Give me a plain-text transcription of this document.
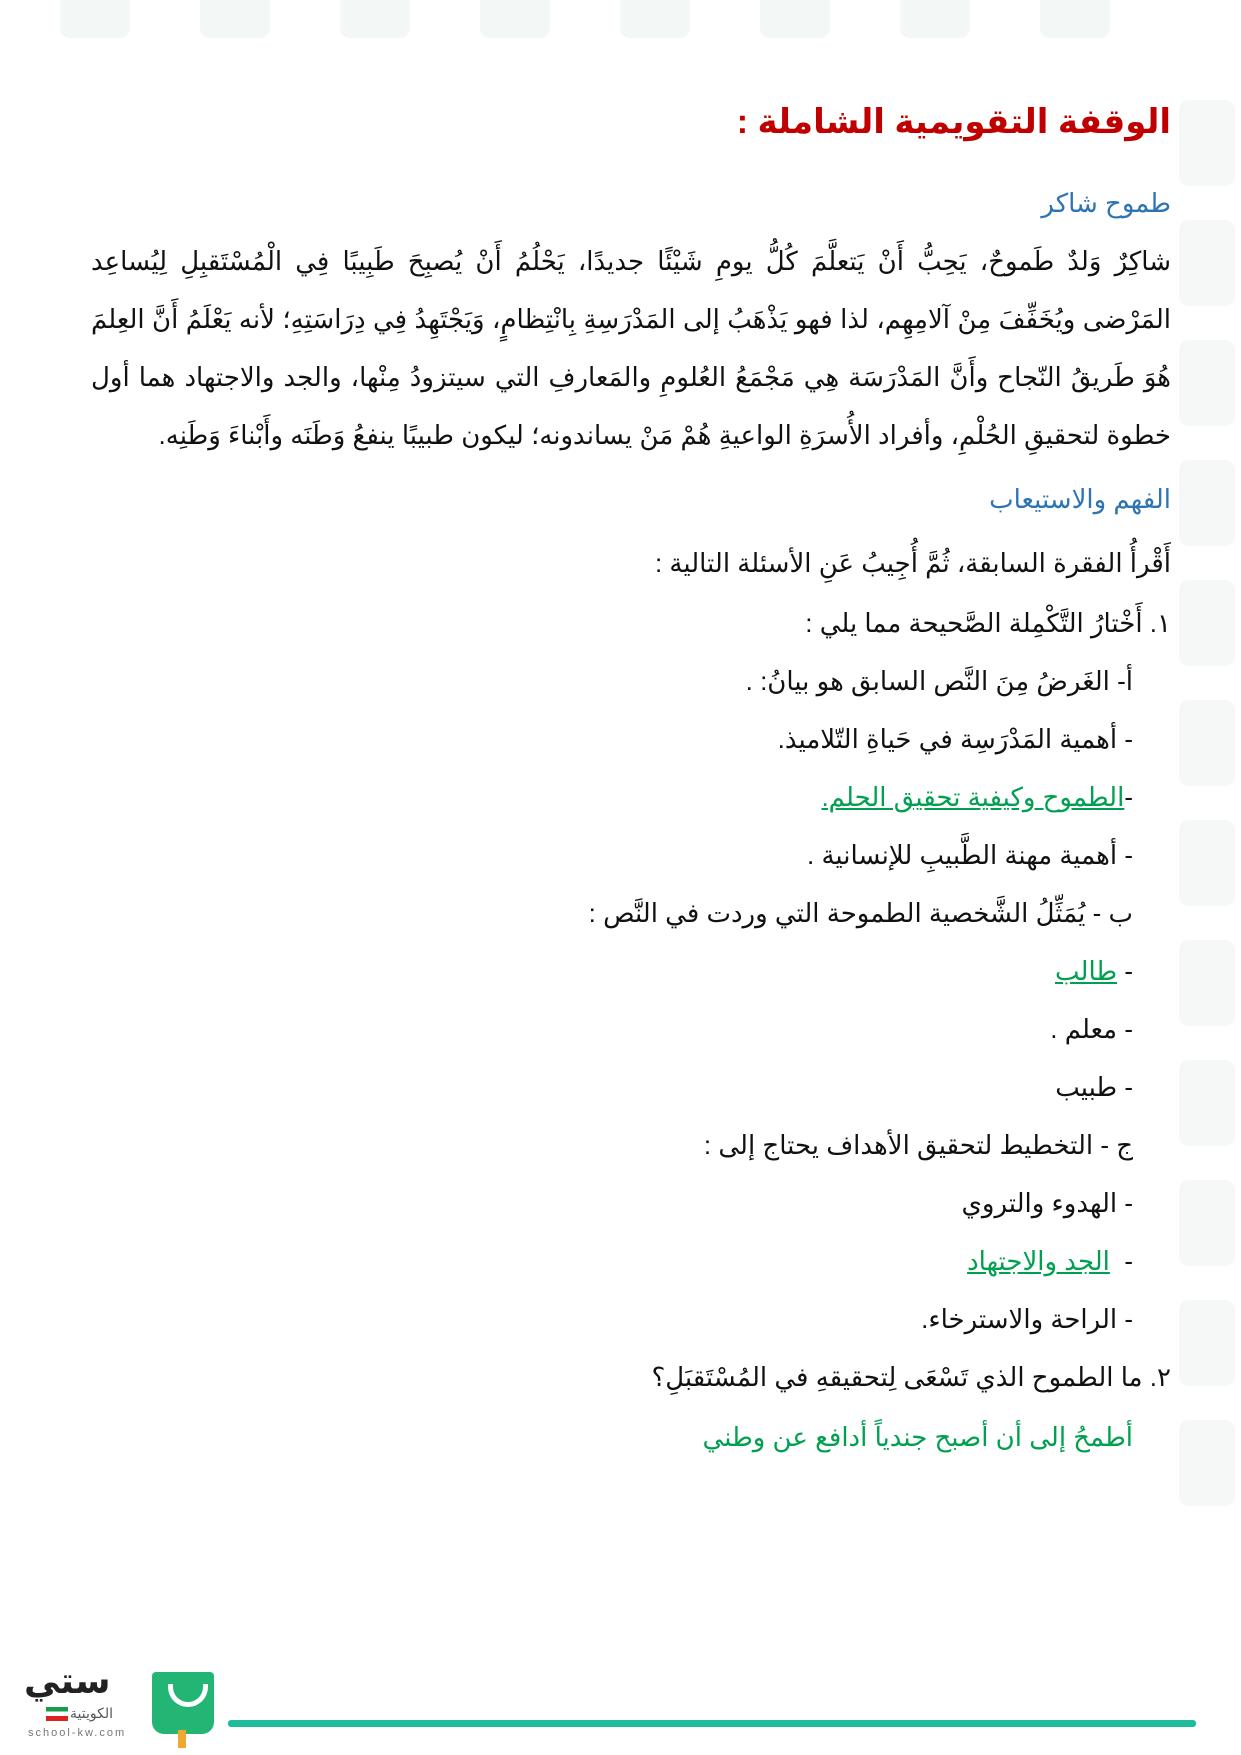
الوقفة التقويمية الشاملة :
طموح شاكر
شاكِرٌ وَلدٌ طَموحٌ، يَحِبُّ أَنْ يَتعلَّمَ كُلُّ يومِ شَيْئًا جديدًا، يَحْلُمُ أَنْ يُصبِحَ طَبِيبًا فِي الْمُسْتَقبِلِ لِيُساعِد المَرْضى ويُخَفِّفَ مِنْ آلامِهِم، لذا فهو يَذْهَبُ إلى المَدْرَسِةِ بِانْتِظامٍ، وَيَجْتَهِدُ فِي دِرَاسَتِهِ؛ لأنه يَعْلَمُ أَنَّ العِلمَ هُوَ طَريقُ النّجاح وأَنَّ المَدْرَسَة هِي مَجْمَعُ العُلومِ والمَعارفِ التي سيتزودُ مِنْها، والجد والاجتهاد هما أول خطوة لتحقيقِ الحُلْمِ، وأفراد الأُسرَةِ الواعيةِ هُمْ مَنْ يساندونه؛ ليكون طبيبًا ينفعُ وَطَنَه وأَبْناءَ وَطَنِه.
الفهم والاستيعاب
أَقْرأُ الفقرة السابقة، ثُمَّ أُجِيبُ عَنِ الأسئلة التالية :
١. أَخْتارُ التَّكْمِلة الصَّحيحة مما يلي :
أ- الغَرضُ مِنَ النَّص السابق هو بيانُ: .
- أهمية المَدْرَسِة في حَياةِ التّلاميذ.
-الطموح وكيفية تحقيق الحلم.
- أهمية مهنة الطَّبيبِ للإنسانية .
ب - يُمَثِّلُ الشَّخصية الطموحة التي وردت في النَّص :
- طالب
- معلم .
- طبيب
ج - التخطيط لتحقيق الأهداف يحتاج إلى :
- الهدوء والتروي
-  الجد والاجتهاد
- الراحة والاسترخاء.
٢. ما الطموح الذي تَسْعَى لِتحقيقهِ في المُسْتَقبَلِ؟
أطمحُ إلى أن أصبح جندياً أدافع عن وطني
ستي
الكويتية
school-kw.com
